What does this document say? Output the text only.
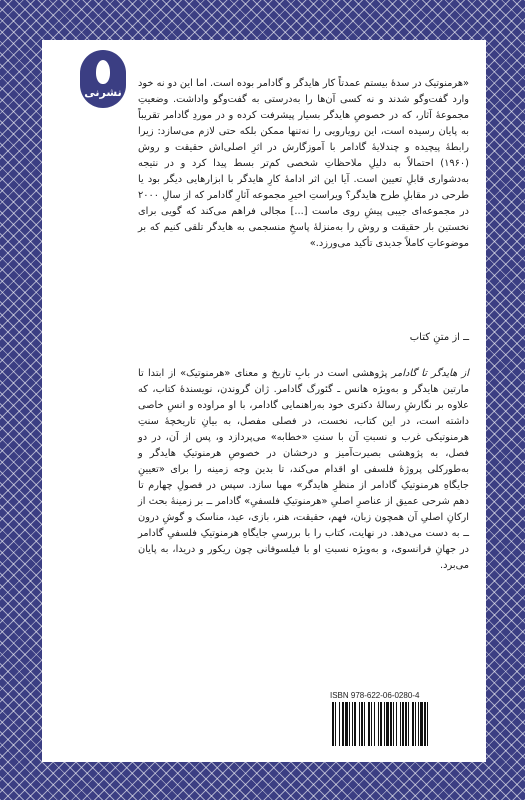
نشرنی

«هرمنوتیک در سدهٔ بیستم عمدتاً کار هایدگر و گادامر بوده است. اما این دو نه خود وارد گفت‌وگو شدند و نه کسی آن‌ها را به‌درستی به گفت‌وگو واداشت. وضعیتِ مجموعهٔ آثار، که در خصوصِ هایدگر بسیار پیشرفت کرده و در موردِ گادامر تقریباً به پایان رسیده است، این رویارویی را نه‌تنها ممکن بلکه حتی لازم می‌سازد: زیرا رابطهٔ پیچیده و چندلایهٔ گادامر با آموزگارش در اثرِ اصلی‌اش حقیقت و روش (۱۹۶۰) احتمالاً به دلیلِ ملاحظاتِ شخصی کم‌تر بسط پیدا کرد و در نتیجه به‌دشواری قابلِ تعیین است. آیا این اثر ادامهٔ کارِ هایدگر با ابزارهایی دیگر بود یا طرحی در مقابلِ طرح هایدگر؟ ویراستِ اخیرِ مجموعه آثارِ گادامر که از سالِ ۲۰۰۰ در مجموعه‌ای جیبی پیشِ روی ماست [...] مجالی فراهم می‌کند که گویی برای نخستین بار حقیقت و روش را به‌منزلهٔ پاسخِ منسجمی به هایدگر تلقی کنیم که بر موضوعاتِ کاملاً جدیدی تأکید می‌ورزد.»

ــ از متنِ کتاب

از هایدگر تا گادامر پژوهشی است در بابِ تاریخ و معنای «هرمنوتیک» از ابتدا تا مارتین هایدگر و به‌ویژه هانس ـ گئورگ گادامر. ژان گروندن، نویسندهٔ کتاب، که علاوه بر نگارشِ رسالهٔ دکتری خود به‌راهنمایی گادامر، با او مراوده و انسِ خاصی داشته است، در این کتاب، نخست، در فصلی مفصل، به بیانِ تاریخچهٔ سنتِ هرمنوتیکی غرب و نسبتِ آن با سنتِ «خطابه» می‌پردازد و، پس از آن، در دو فصل، به پژوهشی بصیرت‌آمیز و درخشان در خصوصِ هرمنوتیکِ هایدگر و به‌طورکلی پروژهٔ فلسفی او اقدام می‌کند، تا بدین وجه زمینه را برای «تعیینِ جایگاهِ هرمنوتیکِ گادامر از منظرِ هایدگر» مهیا سازد. سپس در فصولِ چهارم تا دهم شرحی عمیق از عناصرِ اصلیِ «هرمنوتیکِ فلسفیِ» گادامر ــ بر زمینهٔ بحث از ارکانِ اصلیِ آن همچون زبان، فهم، حقیقت، هنر، بازی، عید، مناسک و گوشِ درون ــ به دست می‌دهد. در نهایت، کتاب را با بررسیِ جایگاهِ هرمنوتیکِ فلسفیِ گادامر در جهانِ فرانسوی، و به‌ویژه نسبتِ او با فیلسوفانی چون ریکور و دریدا، به پایان می‌برد.

ISBN 978-622-06-0280-4
